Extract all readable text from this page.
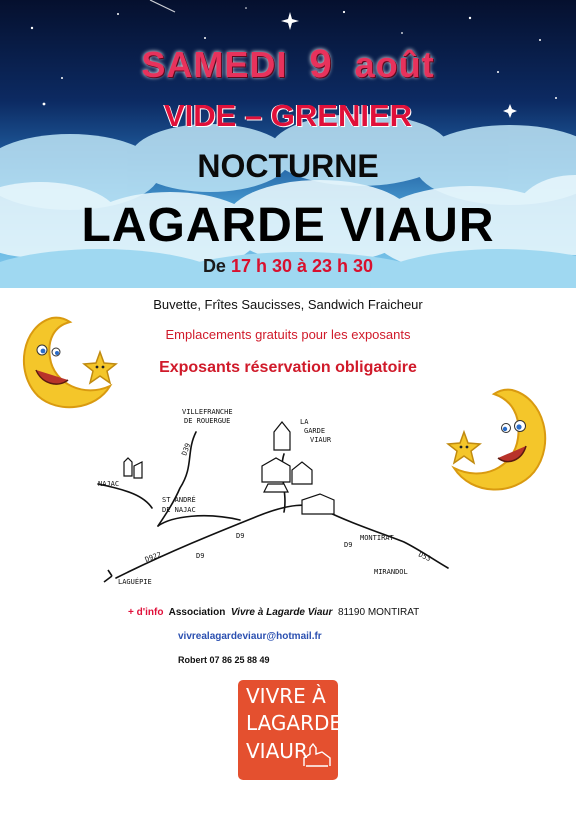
SAMEDI 9 août
VIDE – GRENIER
NOCTURNE
LAGARDE VIAUR
De 17 h 30 à 23 h 30
Buvette, Frîtes Saucisses, Sandwich Fraicheur
Emplacements gratuits pour les exposants
Exposants réservation obligatoire
VILLEFRANCHE
DE ROUERGUE
D39
LA
GARDE
VIAUR
NAJAC
ST ANDRÉ
DE NAJAC
D9
D922
MONTIRAT
D9
LAGUÉPIE
D9
D53
MIRANDOL
+ d'info Association Vivre à Lagarde Viaur 81190 MONTIRAT
vivrealagardeviaur@hotmail.fr
Robert 07 86 25 88 49
VIVRE À
LAGARDE
VIAUR
